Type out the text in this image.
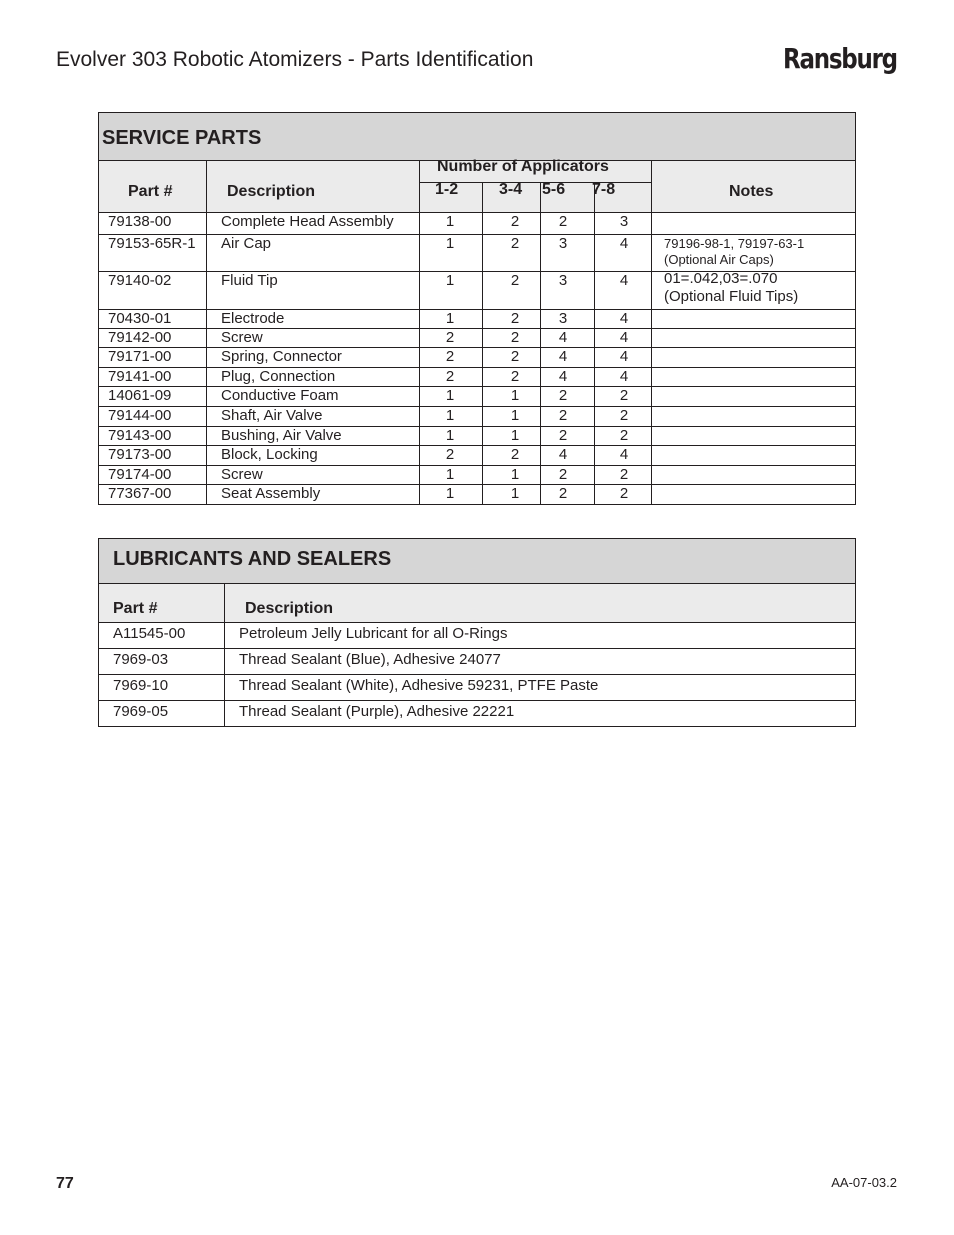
Evolver 303 Robotic Atomizers - Parts Identification	Ransburg
SERVICE PARTS
Part #	Description
Number of Applicators
1-2	3-4 5-6 7-8	Notes
79138-00	Complete Head Assembly	1	2	2	3
79153-65R-1 Air Cap	1	2	3	4	79196-98-1, 79197-63-1
(Optional Air Caps)
79140-02	Fluid Tip	1	2	3	4	01=.042,03=.070
(Optional Fluid Tips)
70430-01	Electrode	1	2	3	4
79142-00	Screw	2	2	4	4
79171-00	Spring, Connector	2	2	4	4
79141-00	Plug, Connection	2	2	4	4
14061-09	Conductive Foam	1	1	2	2
79144-00	Shaft, Air Valve	1	1	2	2
79143-00	Bushing, Air Valve	1	1	2	2
79173-00	Block, Locking	2	2	4	4
79174-00	Screw	1	1	2	2
77367-00	Seat Assembly	1	1	2	2
LUBRICANTS AND SEALERS
Part #	Description
A11545-00	Petroleum Jelly Lubricant for all O-Rings
7969-03	Thread Sealant (Blue), Adhesive 24077
7969-10	Thread Sealant (White), Adhesive 59231, PTFE Paste
7969-05	Thread Sealant (Purple), Adhesive 22221
77	AA-07-03.2
